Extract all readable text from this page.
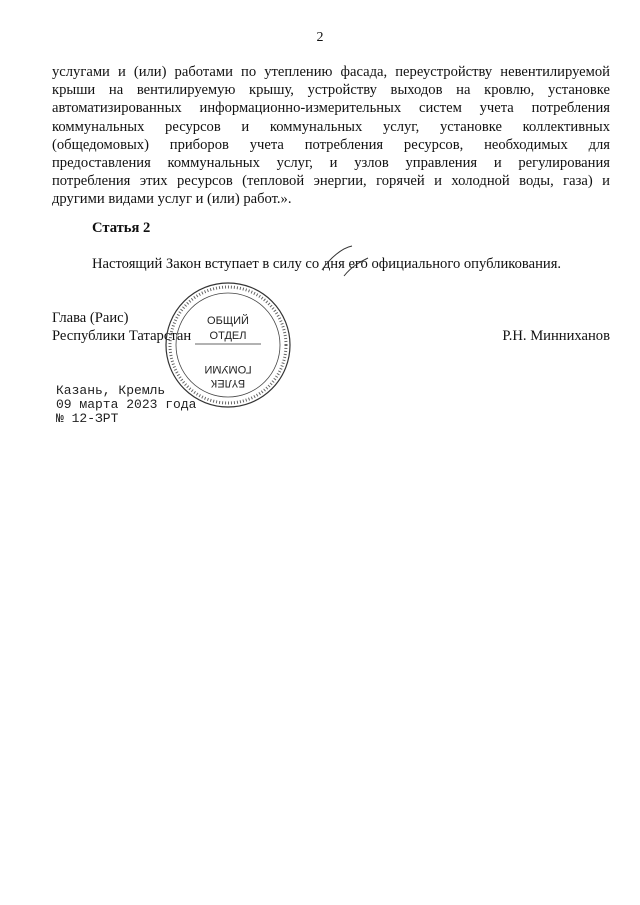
2
услугами и (или) работами по утеплению фасада, переустройству невентилируемой
крыши на вентилируемую крышу, устройству выходов на кровлю, установке
автоматизированных информационно-измерительных систем учета потребления
коммунальных ресурсов и коммунальных услуг, установке коллективных
(общедомовых) приборов учета потребления ресурсов, необходимых для
предоставления коммунальных услуг, и узлов управления и регулирования
потребления этих ресурсов (тепловой энергии, горячей и холодной воды, газа) и
другими видами услуг и (или) работ.».
Статья 2
Настоящий Закон вступает в силу со дня его официального опубликования.
Глава (Раис)
Республики Татарстан	Р.Н. Минниханов
ОБЩИЙ
ОТДЕЛ
ГОМУМИ
БҮЛЕК
Казань, Кремль
09 марта 2023 года
№ 12-ЗРТ
